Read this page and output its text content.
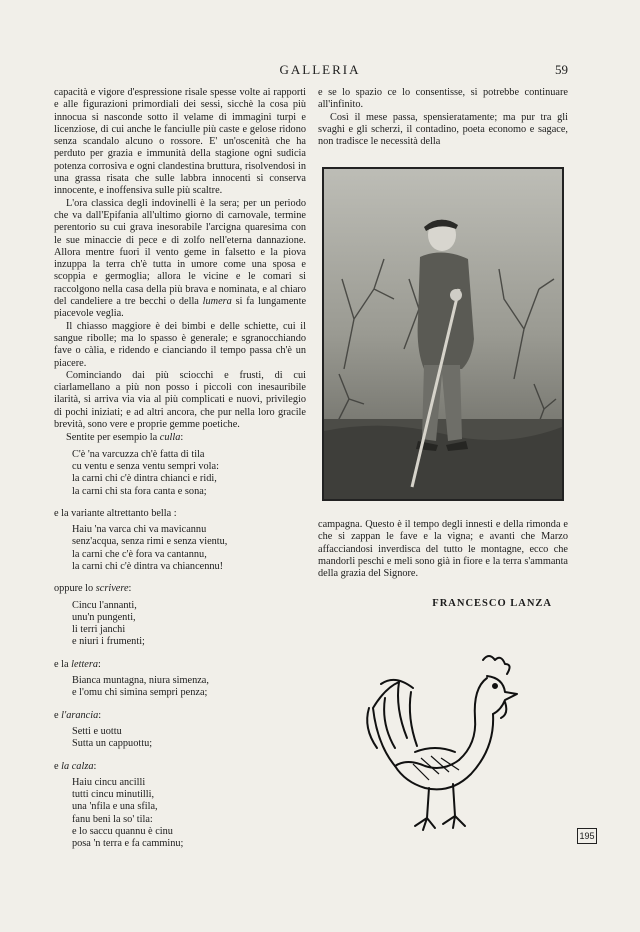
GALLERIA	59

capacità e vigore d'espressione risale spesse volte ai rapporti e alle figurazioni primordiali dei sessi, sicchè la cosa più innocua si nasconde sotto il velame di immagini turpi e licenziose, di cui anche le fanciulle più caste e gelose ridono senza scandalo alcuno o rossore. E' un'oscenità che ha perduto per grazia e immunità della stagione ogni sudicia potenza corrosiva e ogni clandestina bruttura, risolvendosi in una grassa risata che sulle labbra innocenti si conserva innocente, e inoffensiva sulle più scaltre.

L'ora classica degli indovinelli è la sera; per un periodo che va dall'Epifania all'ultimo giorno di carnovale, termine perentorio su cui grava inesorabile l'arcigna quaresima con le sue minaccie di pece e di zolfo nell'eterna dannazione. Allora mentre fuori il vento geme in falsetto e la piova inzuppa la terra ch'è tutta in umore come una sposa e scoppia e germoglia; allora le vicine e le comari si raccolgono nella casa della più brava e nominata, e al chiaro del candeliere a tre becchi o della lumera si fa lungamente piacevole veglia.

Il chiasso maggiore è dei bimbi e delle schiette, cui il sangue ribolle; ma lo spasso è generale; e sgranocchiando fave o càlia, e ridendo e cianciando il tempo passa ch'è un piacere.

Cominciando dai più sciocchi e frusti, di cui ciarlamellano a più non posso i piccoli con inesauribile ilarità, si arriva via via al più complicati e nuovi, privilegio di pochi iniziati; e ad altri ancora, che pur nella loro gracile brevità, sono vere e proprie gemme poetiche.

Sentite per esempio la culla:

C'è 'na varcuzza ch'è fatta di tila
cu ventu e senza ventu sempri vola:
la carni chi c'è dintra chianci e ridi,
la carni chi sta fora canta e sona;

e la variante altrettanto bella :

Haiu 'na varca chi va mavicannu
senz'acqua, senza rimi e senza vientu,
la carni che c'è fora va cantannu,
la carni chi c'è dintra va chiancennu!

oppure lo scrivere:

Cincu l'annanti,
unu'n pungenti,
li terri janchi
e niuri i frumenti;

e la lettera:

Bianca muntagna, niura simenza,
e l'omu chi simina sempri penza;

e l'arancia:

Setti e uottu
Sutta un cappuottu;

e la calza:

Haiu cincu ancilli
tutti cincu minutilli,
una 'nfila e una sfila,
fanu beni la so' tila:
e lo saccu quannu è cinu
posa 'n terra e fa camminu;

e se lo spazio ce lo consentisse, si potrebbe continuare all'infinito.

Così il mese passa, spensieratamente; ma pur tra gli svaghi e gli scherzi, il contadino, poeta economo e sagace, non tradisce le necessità della

campagna. Questo è il tempo degli innesti e della rimonda e che si zappan le fave e la vigna; e avanti che Marzo affacciandosi inverdisca del tutto le montagne, ecco che mandorli peschi e meli sono già in fiore e la terra s'ammanta della grazia del Signore.

FRANCESCO LANZA
195
